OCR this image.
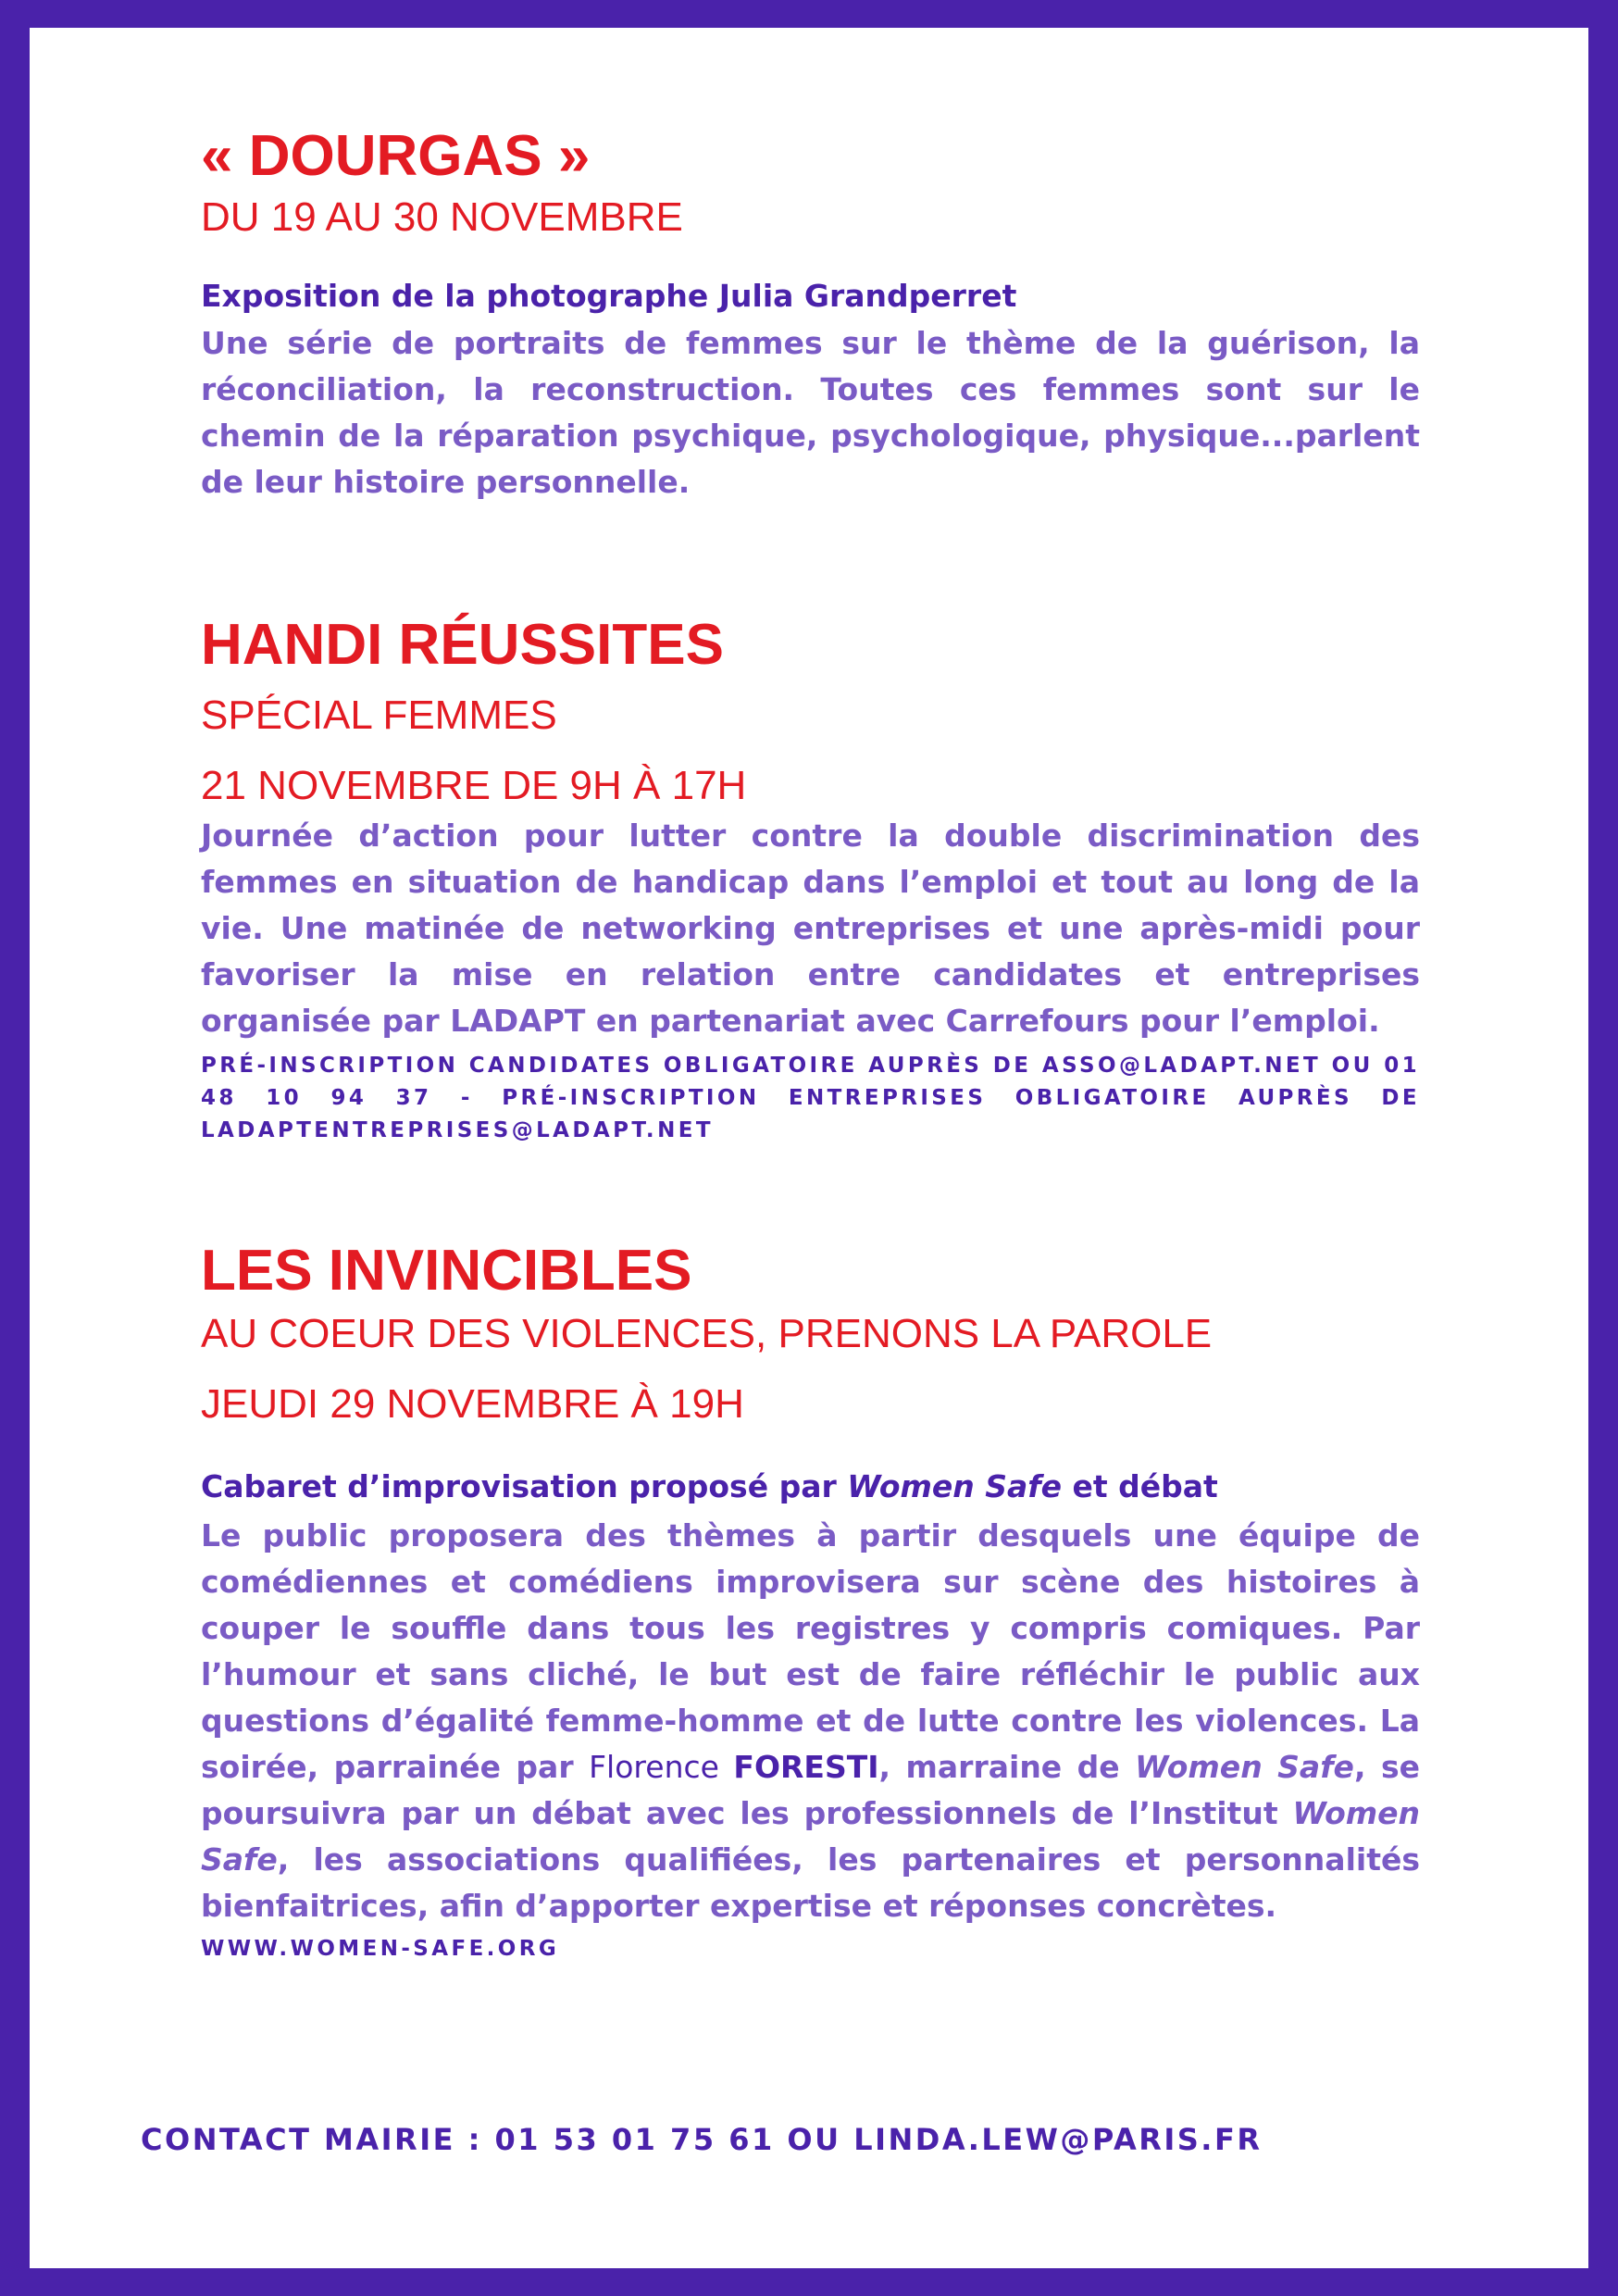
« DOURGAS »
DU 19 AU 30 NOVEMBRE
Exposition de la photographe Julia Grandperret
Une série de portraits de femmes sur le thème de la guérison, la réconciliation, la reconstruction. Toutes ces femmes sont sur le chemin de la réparation psychique, psychologique, physique...parlent de leur histoire personnelle.
HANDI RÉUSSITES
SPÉCIAL FEMMES
21 NOVEMBRE DE 9H À 17H
Journée d’action pour lutter contre la double discrimination des femmes en situation de handicap dans l’emploi et tout au long de la vie. Une matinée de networking entreprises et une après-midi pour favoriser la mise en relation entre candidates et entreprises organisée par LADAPT en partenariat avec Carrefours pour l’emploi.
PRÉ-INSCRIPTION CANDIDATES OBLIGATOIRE AUPRÈS DE ASSO@LADAPT.NET OU 01 48 10 94 37 - PRÉ-INSCRIPTION ENTREPRISES OBLIGATOIRE AUPRÈS DE LADAPTENTREPRISES@LADAPT.NET
LES INVINCIBLES
AU COEUR DES VIOLENCES, PRENONS LA PAROLE
JEUDI 29 NOVEMBRE À 19H
Cabaret d’improvisation proposé par Women Safe et débat
Le public proposera des thèmes à partir desquels une équipe de comédiennes et comédiens improvisera sur scène des histoires à couper le souffle dans tous les registres y compris comiques. Par l’humour et sans cliché, le but est de faire réfléchir le public aux questions d’égalité femme-homme et de lutte contre les violences. La soirée, parrainée par Florence FORESTI, marraine de Women Safe, se poursuivra par un débat avec les professionnels de l’Institut Women Safe, les associations qualifiées, les partenaires et personnalités bienfaitrices, afin d’apporter expertise et réponses concrètes.
WWW.WOMEN-SAFE.ORG
CONTACT MAIRIE : 01 53 01 75 61 OU LINDA.LEW@PARIS.FR
